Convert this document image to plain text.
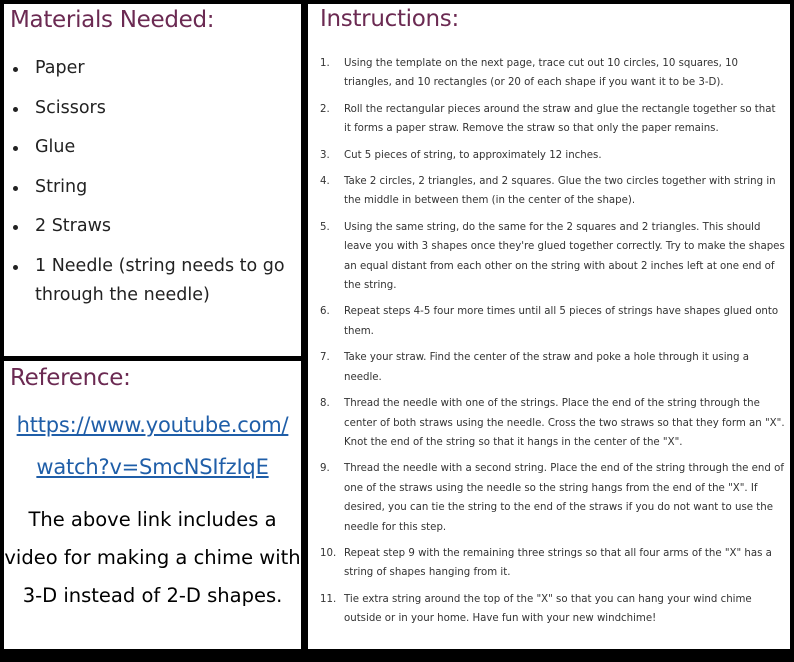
Materials Needed:
Paper
Scissors
Glue
String
2 Straws
1 Needle (string needs to go through the needle)
Reference:
https://www.youtube.com/
watch?v=SmcNSIfzIqE
The above link includes a video for making a chime with 3-D instead of 2-D shapes.
Instructions:
1. Using the template on the next page, trace cut out 10 circles, 10 squares, 10 triangles, and 10 rectangles (or 20 of each shape if you want it to be 3-D).
2. Roll the rectangular pieces around the straw and glue the rectangle together so that it forms a paper straw. Remove the straw so that only the paper remains.
3. Cut 5 pieces of string, to approximately 12 inches.
4. Take 2 circles, 2 triangles, and 2 squares. Glue the two circles together with string in the middle in between them (in the center of the shape).
5. Using the same string, do the same for the 2 squares and 2 triangles. This should leave you with 3 shapes once they're glued together correctly. Try to make the shapes an equal distant from each other on the string with about 2 inches left at one end of the string.
6. Repeat steps 4-5 four more times until all 5 pieces of strings have shapes glued onto them.
7. Take your straw. Find the center of the straw and poke a hole through it using a needle.
8. Thread the needle with one of the strings. Place the end of the string through the center of both straws using the needle. Cross the two straws so that they form an "X". Knot the end of the string so that it hangs in the center of the "X".
9. Thread the needle with a second string. Place the end of the string through the end of one of the straws using the needle so the string hangs from the end of the "X". If desired, you can tie the string to the end of the straws if you do not want to use the needle for this step.
10. Repeat step 9 with the remaining three strings so that all four arms of the "X" has a string of shapes hanging from it.
11. Tie extra string around the top of the "X" so that you can hang your wind chime outside or in your home. Have fun with your new windchime!
